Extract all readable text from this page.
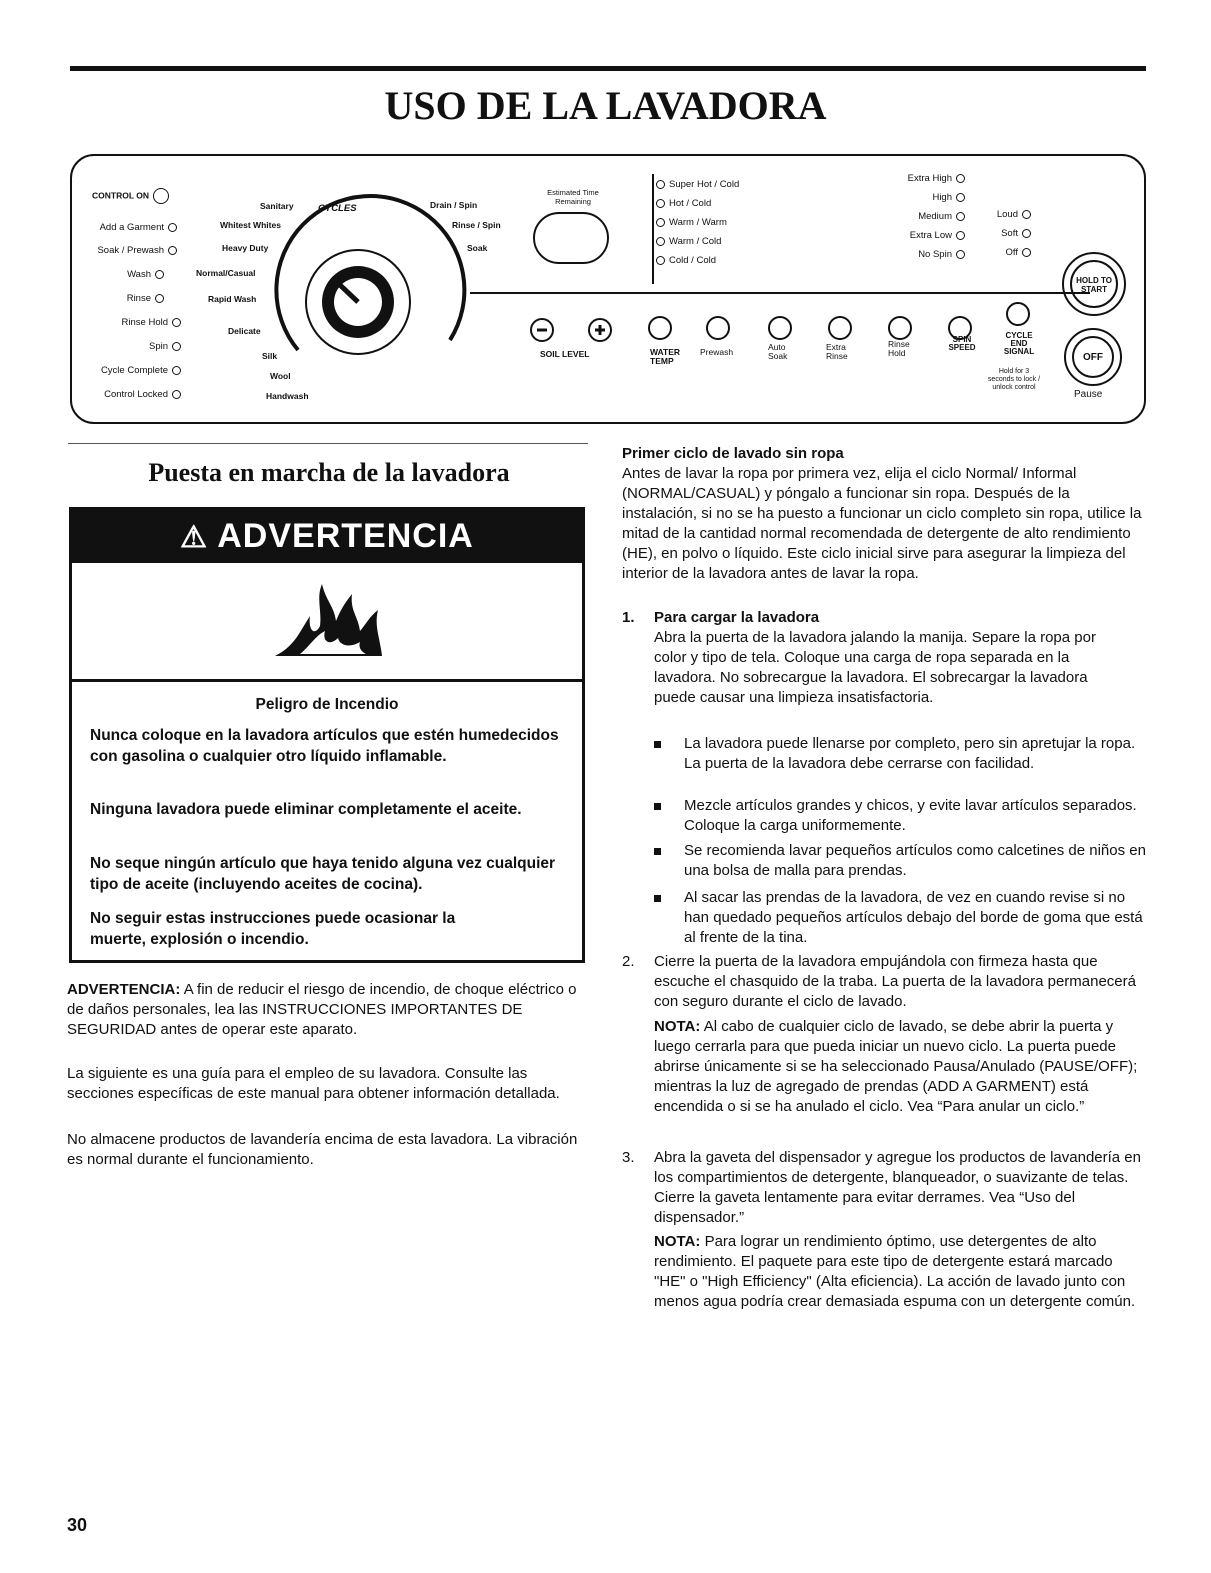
USO DE LA LAVADORA
CONTROL ON
Add a Garment
Soak / Prewash
Wash
Rinse
Rinse Hold
Spin
Cycle Complete
Control Locked
CYCLES
Sanitary
Whitest Whites
Heavy Duty
Normal/Casual
Rapid Wash
Delicate
Silk
Wool
Handwash
Drain / Spin
Rinse / Spin
Soak
Estimated Time Remaining
SOIL LEVEL
Super Hot / Cold
Hot / Cold
Warm / Warm
Warm / Cold
Cold / Cold
Extra High
High
Medium
Extra Low
No Spin
Loud
Soft
Off
WATER TEMP
Prewash	Auto Soak
Extra Rinse
Rinse Hold
SPIN SPEED
CYCLE END SIGNAL
Hold for 3 seconds to lock / unlock control
HOLD TO START
OFF
Pause
Puesta en marcha de la lavadora
⚠ ADVERTENCIA
Peligro de Incendio
Nunca coloque en la lavadora artículos que estén humedecidos con gasolina o cualquier otro líquido inflamable.
Ninguna lavadora puede eliminar completamente el aceite.
No seque ningún artículo que haya tenido alguna vez cualquier tipo de aceite (incluyendo aceites de cocina).
No seguir estas instrucciones puede ocasionar la muerte, explosión o incendio.
ADVERTENCIA: A fin de reducir el riesgo de incendio, de choque eléctrico o de daños personales, lea las INSTRUCCIONES IMPORTANTES DE SEGURIDAD antes de operar este aparato.
La siguiente es una guía para el empleo de su lavadora. Consulte las secciones específicas de este manual para obtener información detallada.
No almacene productos de lavandería encima de esta lavadora. La vibración es normal durante el funcionamiento.
Primer ciclo de lavado sin ropa
Antes de lavar la ropa por primera vez, elija el ciclo Normal/ Informal (NORMAL/CASUAL) y póngalo a funcionar sin ropa. Después de la instalación, si no se ha puesto a funcionar un ciclo completo sin ropa, utilice la mitad de la cantidad normal recomendada de detergente de alto rendimiento (HE), en polvo o líquido. Este ciclo inicial sirve para asegurar la limpieza del interior de la lavadora antes de lavar la ropa.
1. Para cargar la lavadora
Abra la puerta de la lavadora jalando la manija. Separe la ropa por color y tipo de tela. Coloque una carga de ropa separada en la lavadora. No sobrecargue la lavadora. El sobrecargar la lavadora puede causar una limpieza insatisfactoria.
La lavadora puede llenarse por completo, pero sin apretujar la ropa. La puerta de la lavadora debe cerrarse con facilidad.
Mezcle artículos grandes y chicos, y evite lavar artículos separados. Coloque la carga uniformemente.
Se recomienda lavar pequeños artículos como calcetines de niños en una bolsa de malla para prendas.
Al sacar las prendas de la lavadora, de vez en cuando revise si no han quedado pequeños artículos debajo del borde de goma que está al frente de la tina.
2. Cierre la puerta de la lavadora empujándola con firmeza hasta que escuche el chasquido de la traba. La puerta de la lavadora permanecerá con seguro durante el ciclo de lavado.
NOTA: Al cabo de cualquier ciclo de lavado, se debe abrir la puerta y luego cerrarla para que pueda iniciar un nuevo ciclo. La puerta puede abrirse únicamente si se ha seleccionado Pausa/Anulado (PAUSE/OFF); mientras la luz de agregado de prendas (ADD A GARMENT) está encendida o si se ha anulado el ciclo. Vea “Para anular un ciclo.”
3. Abra la gaveta del dispensador y agregue los productos de lavandería en los compartimientos de detergente, blanqueador, o suavizante de telas. Cierre la gaveta lentamente para evitar derrames. Vea “Uso del dispensador.”
NOTA: Para lograr un rendimiento óptimo, use detergentes de alto rendimiento. El paquete para este tipo de detergente estará marcado "HE" o "High Efficiency" (Alta eficiencia). La acción de lavado junto con menos agua podría crear demasiada espuma con un detergente común.
30
